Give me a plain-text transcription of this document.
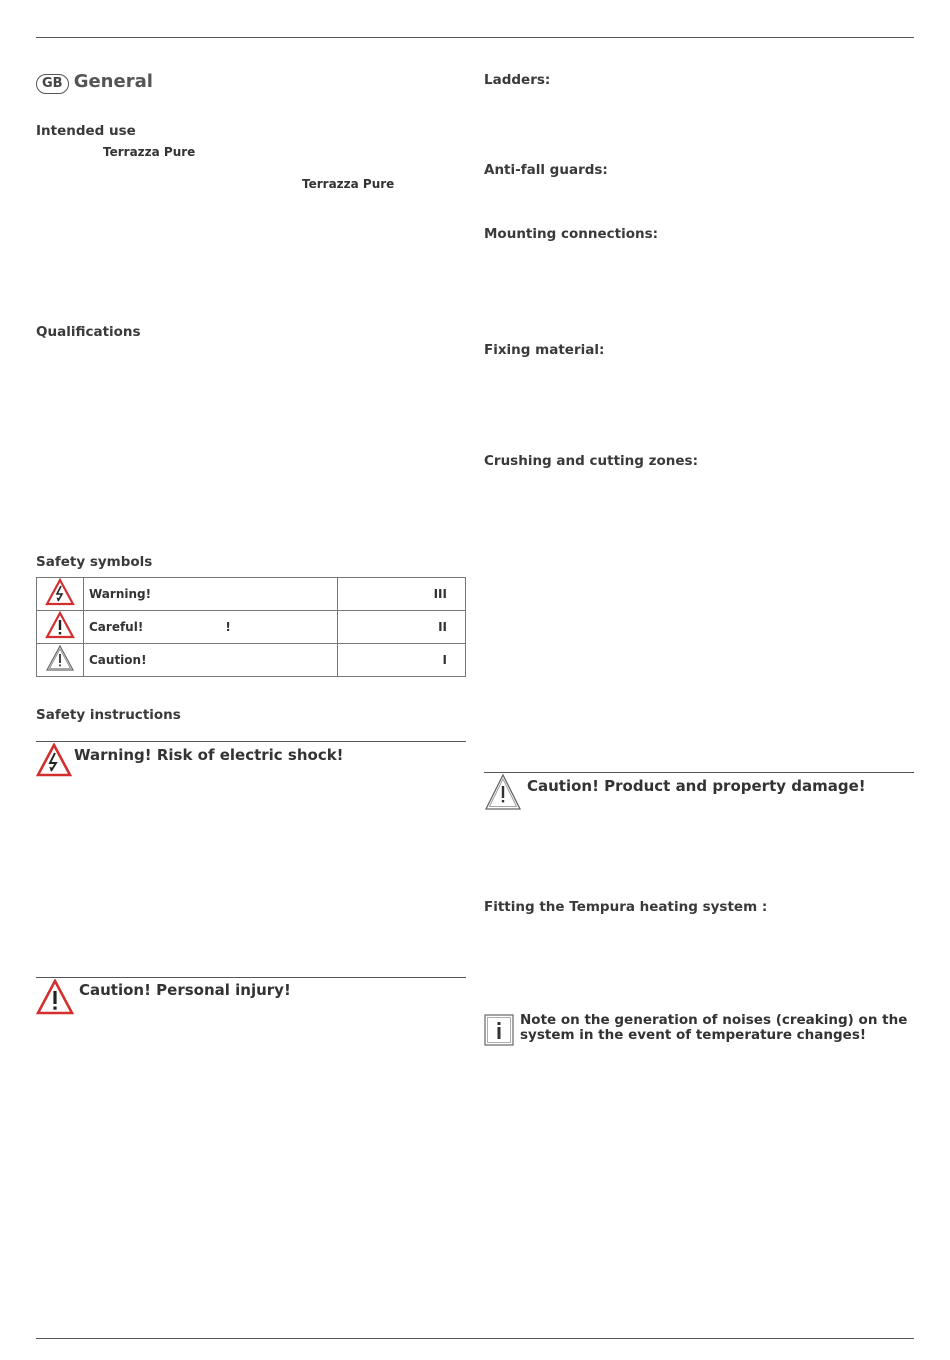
GB General
Intended use
Terrazza Pure
Terrazza Pure
Qualifications
Safety symbols
	Warning!	III
	Careful! !	II
	Caution!	I
Safety instructions
Warning! Risk of electric shock!
Caution! Personal injury!
Ladders:
Anti-fall guards:
Mounting connections:
Fixing material:
Crushing and cutting zones:
Caution! Product and property damage!
Fitting the Tempura heating system :
Note on the generation of noises (creaking) on the system in the event of temperature changes!
